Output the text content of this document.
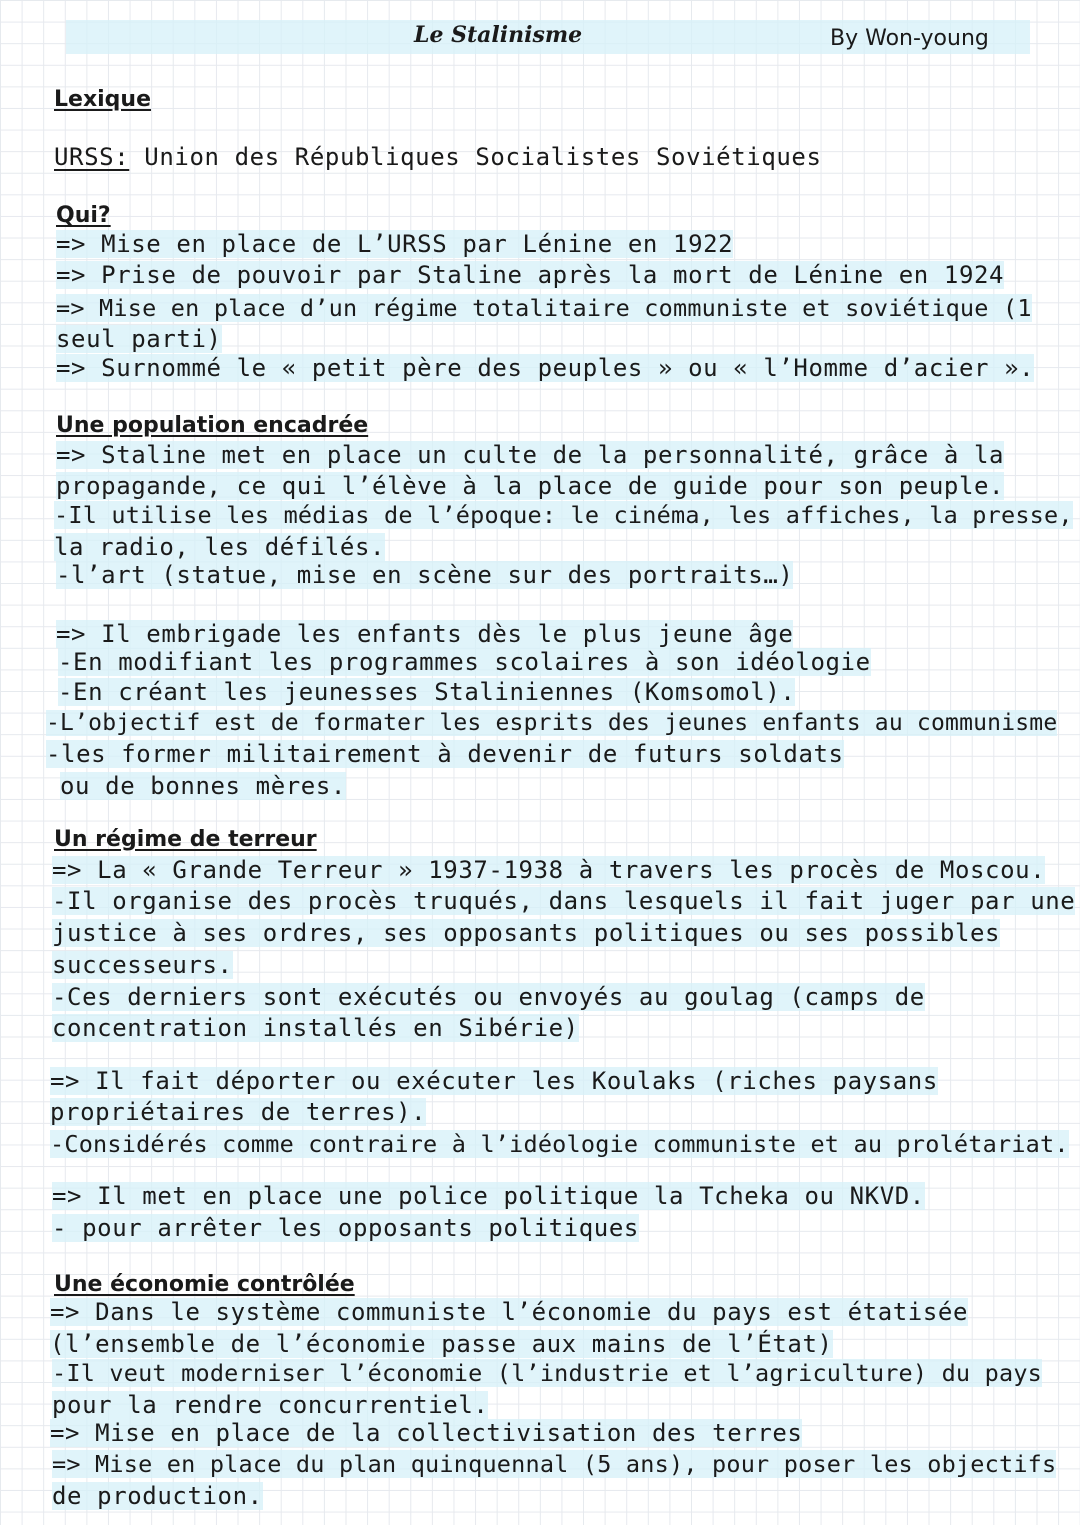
Le Stalinisme	By Won-young
Lexique
URSS: Union des Républiques Socialistes Soviétiques
Qui?
=> Mise en place de L’URSS par Lénine en 1922
=> Prise de pouvoir par Staline après la mort de Lénine en 1924
=> Mise en place d’un régime totalitaire communiste et soviétique (1
seul parti)
=> Surnommé le « petit père des peuples » ou « l’Homme d’acier ».
Une population encadrée
=> Staline met en place un culte de la personnalité, grâce à la
propagande, ce qui l’élève à la place de guide pour son peuple.
-Il utilise les médias de l’époque: le cinéma, les affiches, la presse,
la radio, les défilés.
-l’art (statue, mise en scène sur des portraits…)
=> Il embrigade les enfants dès le plus jeune âge
-En modifiant les programmes scolaires à son idéologie
-En créant les jeunesses Staliniennes (Komsomol).
-L’objectif est de formater les esprits des jeunes enfants au communisme
-les former militairement à devenir de futurs soldats
ou de bonnes mères.
Un régime de terreur
=> La « Grande Terreur » 1937-1938 à travers les procès de Moscou.
-Il organise des procès truqués, dans lesquels il fait juger par une
justice à ses ordres, ses opposants politiques ou ses possibles
successeurs.
-Ces derniers sont exécutés ou envoyés au goulag (camps de
concentration installés en Sibérie)
=> Il fait déporter ou exécuter les Koulaks (riches paysans
propriétaires de terres).
-Considérés comme contraire à l’idéologie communiste et au prolétariat.
=> Il met en place une police politique la Tcheka ou NKVD.
- pour arrêter les opposants politiques
Une économie contrôlée
=> Dans le système communiste l’économie du pays est étatisée
(l’ensemble de l’économie passe aux mains de l’État)
-Il veut moderniser l’économie (l’industrie et l’agriculture) du pays
pour la rendre concurrentiel.
=> Mise en place de la collectivisation des terres
=> Mise en place du plan quinquennal (5 ans), pour poser les objectifs
de production.
